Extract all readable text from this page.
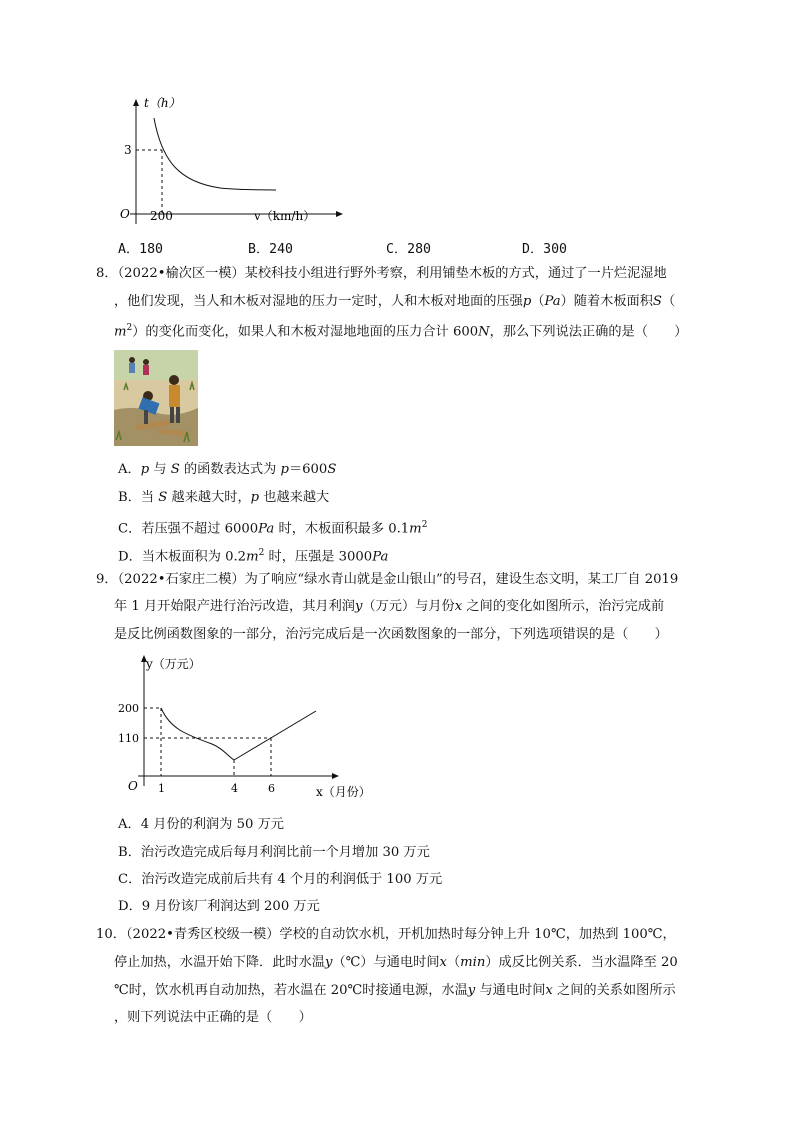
t（h）
v（km/h）
O 200
3
A．180	B．240	C．280	D．300
8．（2022•榆次区一模）某校科技小组进行野外考察，利用铺垫木板的方式，通过了一片烂泥湿地
，他们发现，当人和木板对湿地的压力一定时，人和木板对地面的压强p（Pa）随着木板面积S（
$m^2$）的变化而变化，如果人和木板对湿地地面的压力合计 600N，那么下列说法正确的是（　　）
A．p 与 S 的函数表达式为 p＝600S
B．当 S 越来越大时，p 也越来越大
C．若压强不超过 6000Pa 时，木板面积最多 $0.1m^2$
D．当木板面积为 $0.2m^2$ 时，压强是 3000Pa
9．（2022•石家庄二模）为了响应“绿水青山就是金山银山”的号召，建设生态文明，某工厂自 2019
年 1 月开始限产进行治污改造，其月利润y（万元）与月份x 之间的变化如图所示，治污完成前
是反比例函数图象的一部分，治污完成后是一次函数图象的一部分，下列选项错误的是（　　）
y（万元）
x（月份）
O
200
110
1	4	6
A．4 月份的利润为 50 万元
B．治污改造完成后每月利润比前一个月增加 30 万元
C．治污改造完成前后共有 4 个月的利润低于 100 万元
D．9 月份该厂利润达到 200 万元
10．（2022•青秀区校级一模）学校的自动饮水机，开机加热时每分钟上升 10℃，加热到 100℃，
停止加热，水温开始下降．此时水温y（℃）与通电时间x（min）成反比例关系．当水温降至 20
℃时，饮水机再自动加热，若水温在 20℃时接通电源，水温y 与通电时间x 之间的关系如图所示
，则下列说法中正确的是（　　）
